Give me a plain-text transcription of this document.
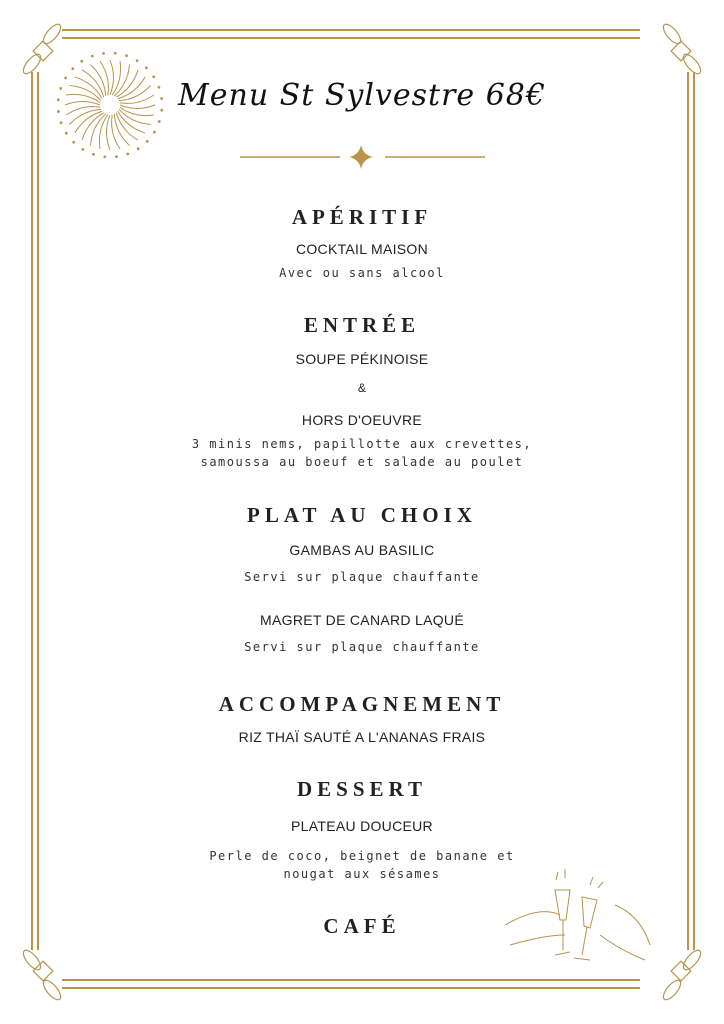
Menu St Sylvestre 68€
APÉRITIF
COCKTAIL MAISON
Avec ou sans alcool
ENTRÉE
SOUPE PÉKINOISE
&
HORS D'OEUVRE
3 minis nems, papillotte aux crevettes,
samoussa au boeuf et salade au poulet
PLAT AU CHOIX
GAMBAS AU BASILIC
Servi sur plaque chauffante
MAGRET DE CANARD LAQUÉ
Servi sur plaque chauffante
ACCOMPAGNEMENT
RIZ THAÏ SAUTÉ A L'ANANAS FRAIS
DESSERT
PLATEAU DOUCEUR
Perle de coco, beignet de banane et
nougat aux sésames
CAFÉ
